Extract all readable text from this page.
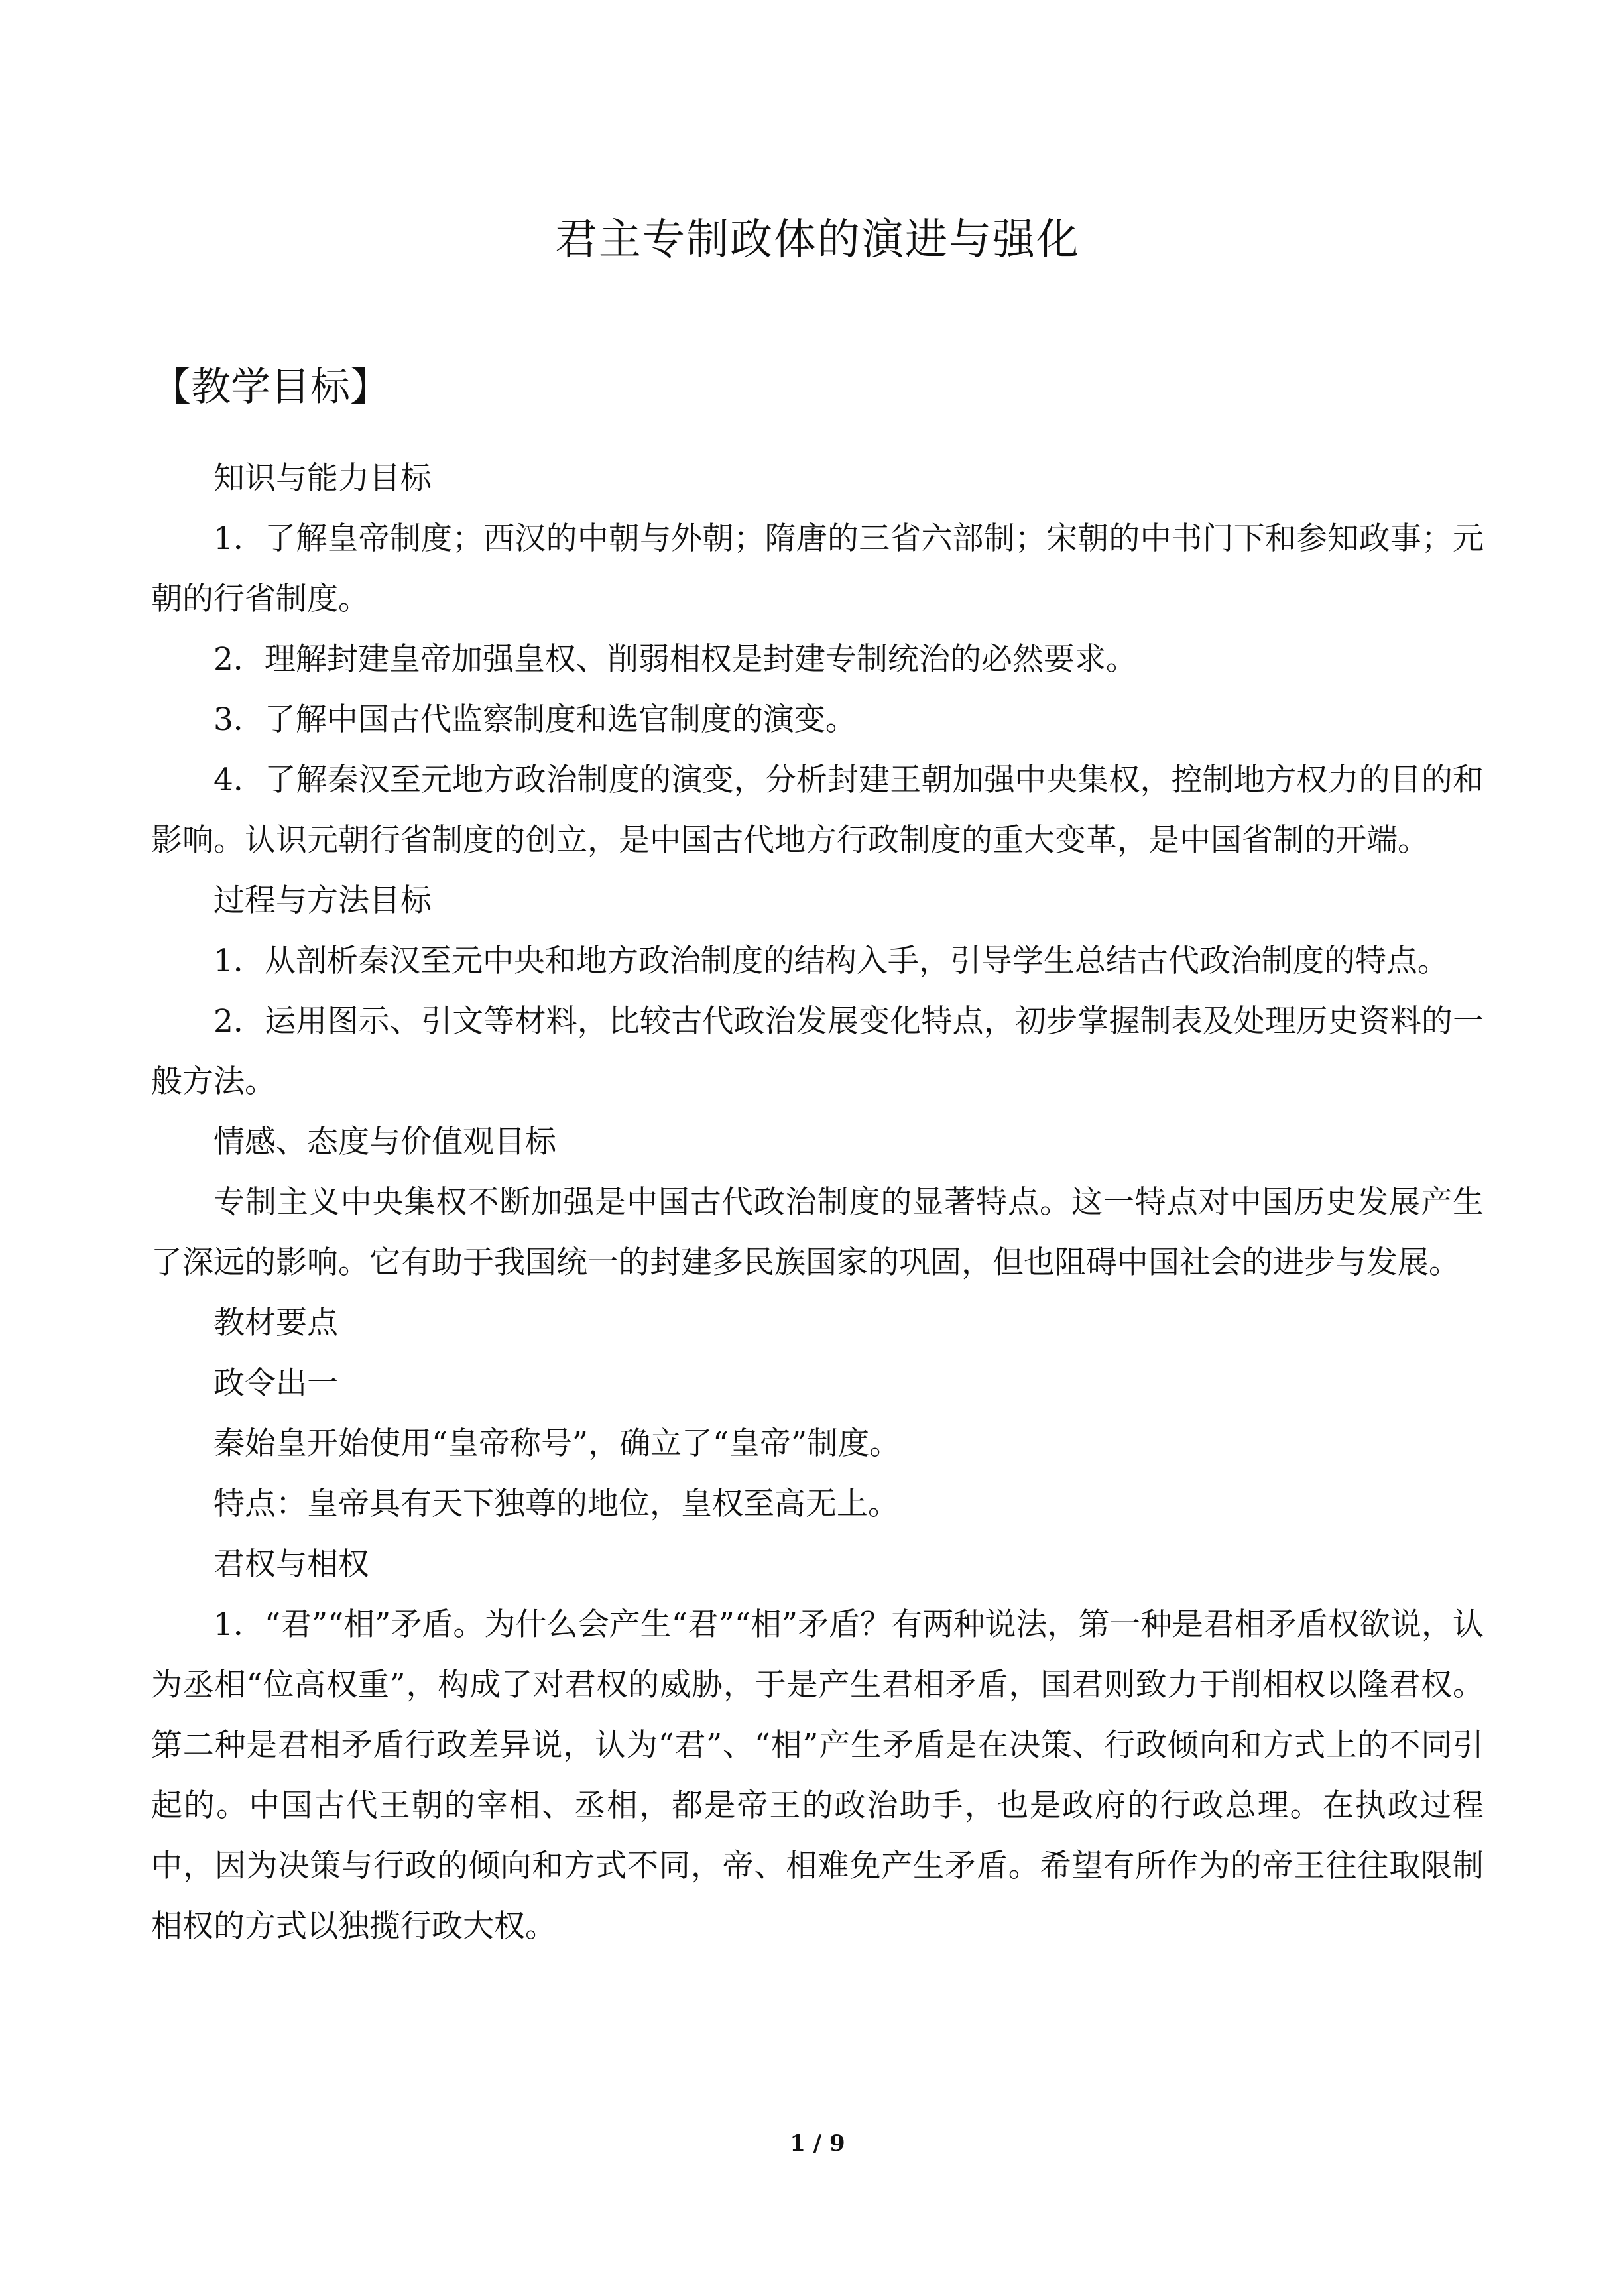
君主专制政体的演进与强化
【教学目标】

知识与能力目标

1．了解皇帝制度；西汉的中朝与外朝；隋唐的三省六部制；宋朝的中书门下和参知政事；元朝的行省制度。

2．理解封建皇帝加强皇权、削弱相权是封建专制统治的必然要求。

3．了解中国古代监察制度和选官制度的演变。

4．了解秦汉至元地方政治制度的演变，分析封建王朝加强中央集权，控制地方权力的目的和影响。认识元朝行省制度的创立，是中国古代地方行政制度的重大变革，是中国省制的开端。

过程与方法目标

1．从剖析秦汉至元中央和地方政治制度的结构入手，引导学生总结古代政治制度的特点。

2．运用图示、引文等材料，比较古代政治发展变化特点，初步掌握制表及处理历史资料的一般方法。

情感、态度与价值观目标

专制主义中央集权不断加强是中国古代政治制度的显著特点。这一特点对中国历史发展产生了深远的影响。它有助于我国统一的封建多民族国家的巩固，但也阻碍中国社会的进步与发展。

教材要点

政令出一

秦始皇开始使用“皇帝称号”，确立了“皇帝”制度。

特点：皇帝具有天下独尊的地位，皇权至高无上。

君权与相权

1．“君”“相”矛盾。为什么会产生“君”“相”矛盾？有两种说法，第一种是君相矛盾权欲说，认为丞相“位高权重”，构成了对君权的威胁，于是产生君相矛盾，国君则致力于削相权以隆君权。第二种是君相矛盾行政差异说，认为“君”、“相”产生矛盾是在决策、行政倾向和方式上的不同引起的。中国古代王朝的宰相、丞相，都是帝王的政治助手，也是政府的行政总理。在执政过程中，因为决策与行政的倾向和方式不同，帝、相难免产生矛盾。希望有所作为的帝王往往取限制相权的方式以独揽行政大权。

1 / 9
